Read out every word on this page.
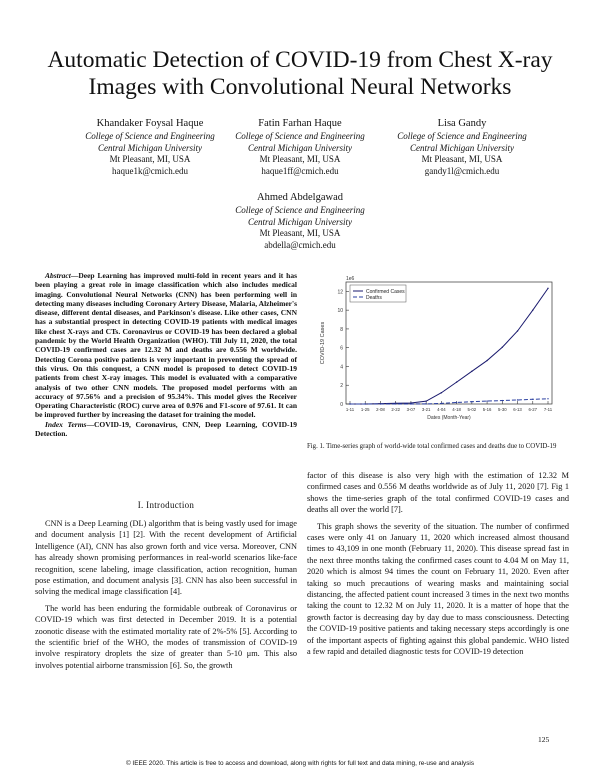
Automatic Detection of COVID-19 from Chest X-ray Images with Convolutional Neural Networks
Khandaker Foysal Haque
College of Science and Engineering
Central Michigan University
Mt Pleasant, MI, USA
haque1k@cmich.edu
Fatin Farhan Haque
College of Science and Engineering
Central Michigan University
Mt Pleasant, MI, USA
haque1ff@cmich.edu
Lisa Gandy
College of Science and Engineering
Central Michigan University
Mt Pleasant, MI, USA
gandy1l@cmich.edu
Ahmed Abdelgawad
College of Science and Engineering
Central Michigan University
Mt Pleasant, MI, USA
abdella@cmich.edu
Abstract—Deep Learning has improved multi-fold in recent years and it has been playing a great role in image classification which also includes medical imaging. Convolutional Neural Networks (CNN) has been performing well in detecting many diseases including Coronary Artery Disease, Malaria, Alzheimer's disease, different dental diseases, and Parkinson's disease. Like other cases, CNN has a substantial prospect in detecting COVID-19 patients with medical images like chest X-rays and CTs. Coronavirus or COVID-19 has been declared a global pandemic by the World Health Organization (WHO). Till July 11, 2020, the total COVID-19 confirmed cases are 12.32 M and deaths are 0.556 M worldwide. Detecting Corona positive patients is very important in preventing the spread of this virus. On this conquest, a CNN model is proposed to detect COVID-19 patients from chest X-ray images. This model is evaluated with a comparative analysis of two other CNN models. The proposed model performs with an accuracy of 97.56% and a precision of 95.34%. This model gives the Receiver Operating Characteristic (ROC) curve area of 0.976 and F1-score of 97.61. It can be improved further by increasing the dataset for training the model.
Index Terms—COVID-19, Coronavirus, CNN, Deep Learning, COVID-19 Detection.
I. Introduction

CNN is a Deep Learning (DL) algorithm that is being vastly used for image and document analysis [1] [2]. With the recent development of Artificial Intelligence (AI), CNN has also grown forth and vice versa. Moreover, CNN has already shown promising performances in real-world scenarios like-face recognition, scene labeling, image classification, action recognition, human pose estimation, and document analysis [3]. CNN has also been successful in solving the medical image classification [4].

The world has been enduring the formidable outbreak of Coronavirus or COVID-19 which was first detected in December 2019. It is a potential zoonotic disease with the estimated mortality rate of 2%-5% [5]. According to the scientific brief of the WHO, the modes of transmission of COVID-19 involve respiratory droplets the size of greater than 5-10 μm. This also involves potential airborne transmission [6]. So, the growth

factor of this disease is also very high with the estimation of 12.32 M confirmed cases and 0.556 M deaths worldwide as of July 11, 2020 [7]. Fig 1 shows the time-series graph of the total confirmed COVID-19 cases and deaths all over the world [7].

This graph shows the severity of the situation. The number of confirmed cases were only 41 on January 11, 2020 which increased almost thousand times to 43,109 in one month (February 11, 2020). This disease spread fast in the next three months taking the confirmed cases count to 4.04 M on May 11, 2020 which is almost 94 times the count on February 11, 2020. Even after taking so much precautions of wearing masks and maintaining social distancing, the affected patient count increased 3 times in the next two months taking the count to 12.32 M on July 11, 2020. It is a matter of hope that the growth factor is decreasing day by day due to mass consciousness. Detecting the COVID-19 positive patients and taking necessary steps accordingly is one of the important aspects of fighting against this global pandemic. WHO listed a few rapid and detailed diagnostic tests for COVID-19 detection

0
2
4
6
8
10
12
1e6
1-11 1-25 2-08 2-22 3-07 3-21 4-04 4-18 5-02 5-16 5-30 6-13 6-27 7-11
Dates (Month-Year)
COVID-19 Cases
Confirmed Cases
Deaths
Fig. 1. Time-series graph of world-wide total confirmed cases and deaths due to COVID-19
125
© IEEE 2020. This article is free to access and download, along with rights for full text and data mining, re-use and analysis
